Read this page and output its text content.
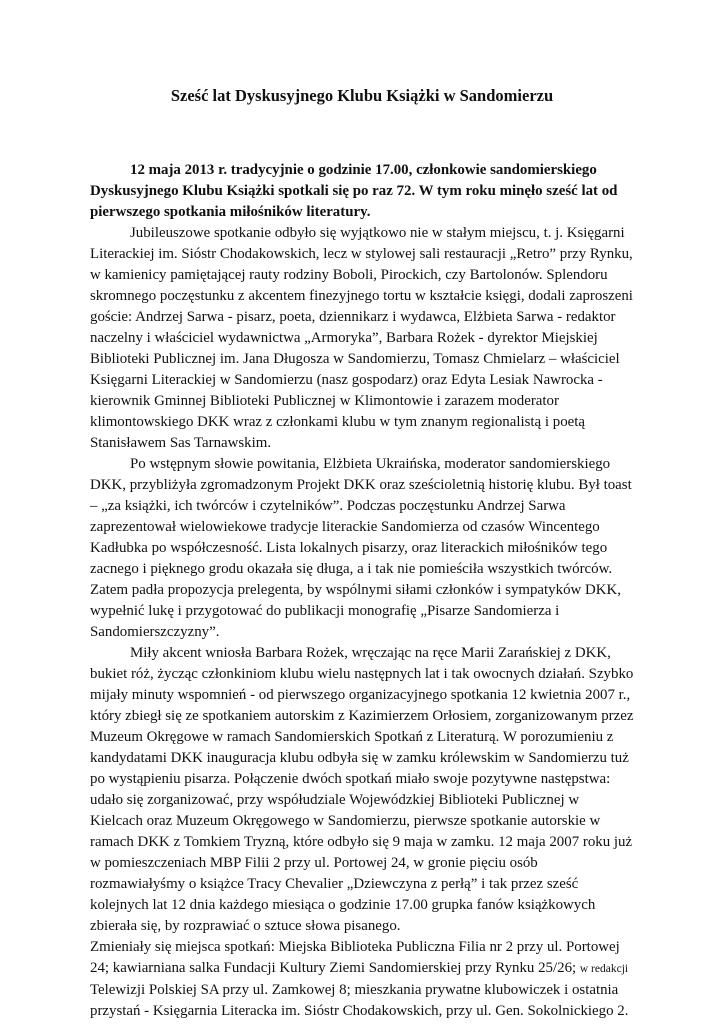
Sześć lat Dyskusyjnego Klubu Książki w Sandomierzu

12 maja 2013 r. tradycyjnie o godzinie 17.00, członkowie sandomierskiego Dyskusyjnego Klubu Książki spotkali się po raz 72. W tym roku minęło sześć lat od pierwszego spotkania miłośników literatury.

Jubileuszowe spotkanie odbyło się wyjątkowo nie w stałym miejscu, t. j. Księgarni Literackiej im. Sióstr Chodakowskich, lecz w stylowej sali restauracji „Retro” przy Rynku, w kamienicy pamiętającej rauty rodziny Boboli, Pirockich, czy Bartolonów. Splendoru skromnego poczęstunku z akcentem finezyjnego tortu w kształcie księgi, dodali zaproszeni goście: Andrzej Sarwa - pisarz, poeta, dziennikarz i wydawca, Elżbieta Sarwa - redaktor naczelny i właściciel wydawnictwa „Armoryka”, Barbara Rożek - dyrektor Miejskiej Biblioteki Publicznej im. Jana Długosza w Sandomierzu, Tomasz Chmielarz – właściciel Księgarni Literackiej w Sandomierzu (nasz gospodarz) oraz Edyta Lesiak Nawrocka - kierownik Gminnej Biblioteki Publicznej w Klimontowie i zarazem moderator klimontowskiego DKK wraz z członkami klubu w tym znanym regionalistą i poetą Stanisławem Sas Tarnawskim.

Po wstępnym słowie powitania, Elżbieta Ukraińska, moderator sandomierskiego DKK, przybliżyła zgromadzonym Projekt DKK oraz sześcioletnią historię klubu. Był toast – „za książki, ich twórców i czytelników”. Podczas poczęstunku Andrzej Sarwa zaprezentował wielowiekowe tradycje literackie Sandomierza od czasów Wincentego Kadłubka po współczesność. Lista lokalnych pisarzy, oraz literackich miłośników tego zacnego i pięknego grodu okazała się długa, a i tak nie pomieściła wszystkich twórców. Zatem padła propozycja prelegenta, by wspólnymi siłami członków i sympatyków DKK, wypełnić lukę i przygotować do publikacji monografię „Pisarze Sandomierza i Sandomierszczyzny”.

Miły akcent wniosła Barbara Rożek, wręczając na ręce Marii Zarańskiej z DKK, bukiet róż, życząc członkiniom klubu wielu następnych lat i tak owocnych działań. Szybko mijały minuty wspomnień - od pierwszego organizacyjnego spotkania 12 kwietnia 2007 r., który zbiegł się ze spotkaniem autorskim z Kazimierzem Orłosiem, zorganizowanym przez Muzeum Okręgowe w ramach Sandomierskich Spotkań z Literaturą. W porozumieniu z kandydatami DKK inauguracja klubu odbyła się w zamku królewskim w Sandomierzu tuż po wystąpieniu pisarza. Połączenie dwóch spotkań miało swoje pozytywne następstwa: udało się zorganizować, przy współudziale Wojewódzkiej Biblioteki Publicznej w Kielcach oraz Muzeum Okręgowego w Sandomierzu, pierwsze spotkanie autorskie w ramach DKK z Tomkiem Tryzną, które odbyło się 9 maja w zamku. 12 maja 2007 roku już w pomieszczeniach MBP Filii 2 przy ul. Portowej 24, w gronie pięciu osób rozmawiałyśmy o książce Tracy Chevalier „Dziewczyna z perłą” i tak przez sześć kolejnych lat 12 dnia każdego miesiąca o godzinie 17.00 grupka fanów książkowych zbierała się, by rozprawiać o sztuce słowa pisanego.

Zmieniały się miejsca spotkań: Miejska Biblioteka Publiczna Filia nr 2 przy ul. Portowej 24; kawiarniana salka Fundacji Kultury Ziemi Sandomierskiej przy Rynku 25/26; w redakcji Telewizji Polskiej SA przy ul. Zamkowej 8; mieszkania prywatne klubowiczek i ostatnia przystań - Księgarnia Literacka im. Sióstr Chodakowskich, przy ul. Gen. Sokolnickiego 2.
